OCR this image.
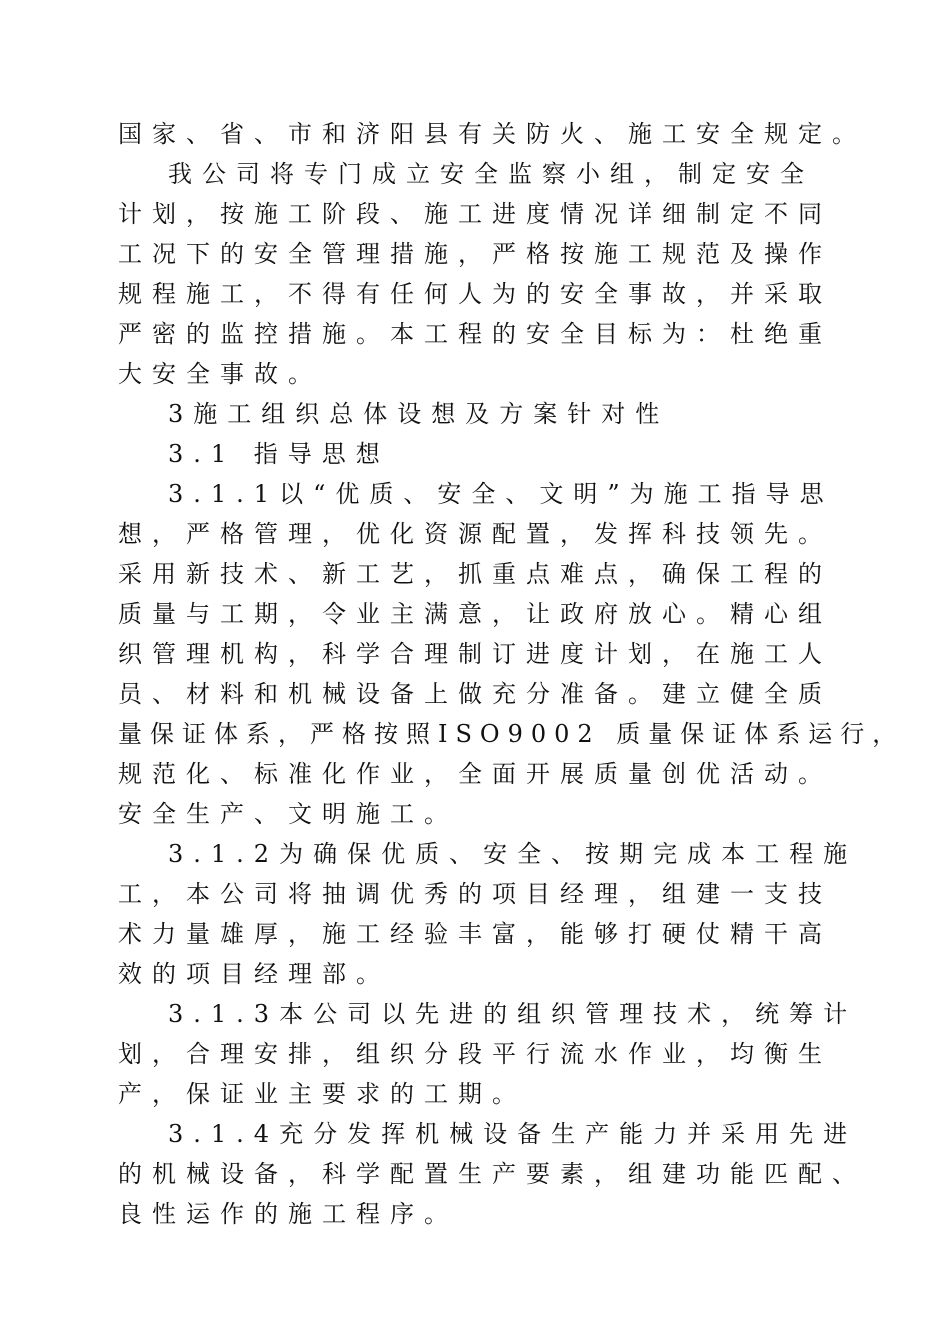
国家、省、市和济阳县有关防火、施工安全规定。
我公司将专门成立安全监察小组，制定安全
计划，按施工阶段、施工进度情况详细制定不同
工况下的安全管理措施，严格按施工规范及操作
规程施工，不得有任何人为的安全事故，并采取
严密的监控措施。本工程的安全目标为：杜绝重
大安全事故。
3施工组织总体设想及方案针对性
3.1 指导思想
3.1.1以“优质、安全、文明”为施工指导思
想，严格管理，优化资源配置，发挥科技领先。
采用新技术、新工艺，抓重点难点，确保工程的
质量与工期，令业主满意，让政府放心。精心组
织管理机构，科学合理制订进度计划，在施工人
员、材料和机械设备上做充分准备。建立健全质
量保证体系，严格按照ISO9002 质量保证体系运行，
规范化、标准化作业，全面开展质量创优活动。
安全生产、文明施工。
3.1.2为确保优质、安全、按期完成本工程施
工，本公司将抽调优秀的项目经理，组建一支技
术力量雄厚，施工经验丰富，能够打硬仗精干高
效的项目经理部。
3.1.3本公司以先进的组织管理技术，统筹计
划，合理安排，组织分段平行流水作业，均衡生
产，保证业主要求的工期。
3.1.4充分发挥机械设备生产能力并采用先进
的机械设备，科学配置生产要素，组建功能匹配、
良性运作的施工程序。
